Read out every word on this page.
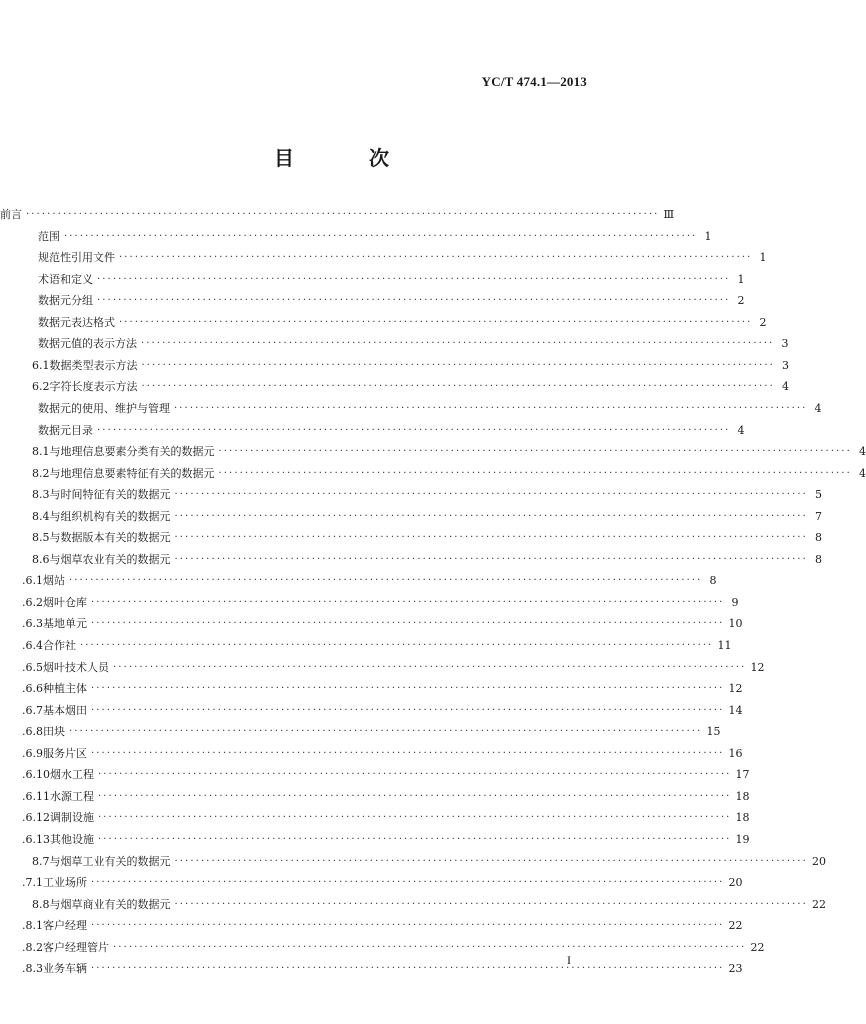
YC/T 474.1—2013
目 次
前言 ························································································································ Ⅲ
范围 ························································································································ 1
规范性引用文件 ························································································································ 1
术语和定义 ························································································································ 1
数据元分组 ························································································································ 2
数据元表达格式 ························································································································ 2
数据元值的表示方法 ························································································································ 3
6.1 数据类型表示方法 ························································································································ 3
6.2 字符长度表示方法 ························································································································ 4
数据元的使用、维护与管理 ························································································································ 4
数据元目录 ························································································································ 4
8.1 与地理信息要素分类有关的数据元 ························································································································ 4
8.2 与地理信息要素特征有关的数据元 ························································································································ 4
8.3 与时间特征有关的数据元 ························································································································ 5
8.4 与组织机构有关的数据元 ························································································································ 7
8.5 与数据版本有关的数据元 ························································································································ 8
8.6 与烟草农业有关的数据元 ························································································································ 8
.6.1 烟站 ························································································································ 8
.6.2 烟叶仓库 ························································································································ 9
.6.3 基地单元 ························································································································ 10
.6.4 合作社 ························································································································ 11
.6.5 烟叶技术人员 ························································································································ 12
.6.6 种植主体 ························································································································ 12
.6.7 基本烟田 ························································································································ 14
.6.8 田块 ························································································································ 15
.6.9 服务片区 ························································································································ 16
.6.10 烟水工程 ························································································································ 17
.6.11 水源工程 ························································································································ 18
.6.12 调制设施 ························································································································ 18
.6.13 其他设施 ························································································································ 19
8.7 与烟草工业有关的数据元 ························································································································ 20
.7.1 工业场所 ························································································································ 20
8.8 与烟草商业有关的数据元 ························································································································ 22
.8.1 客户经理 ························································································································ 22
.8.2 客户经理管片 ························································································································ 22
.8.3 业务车辆 ························································································································ 23
I
